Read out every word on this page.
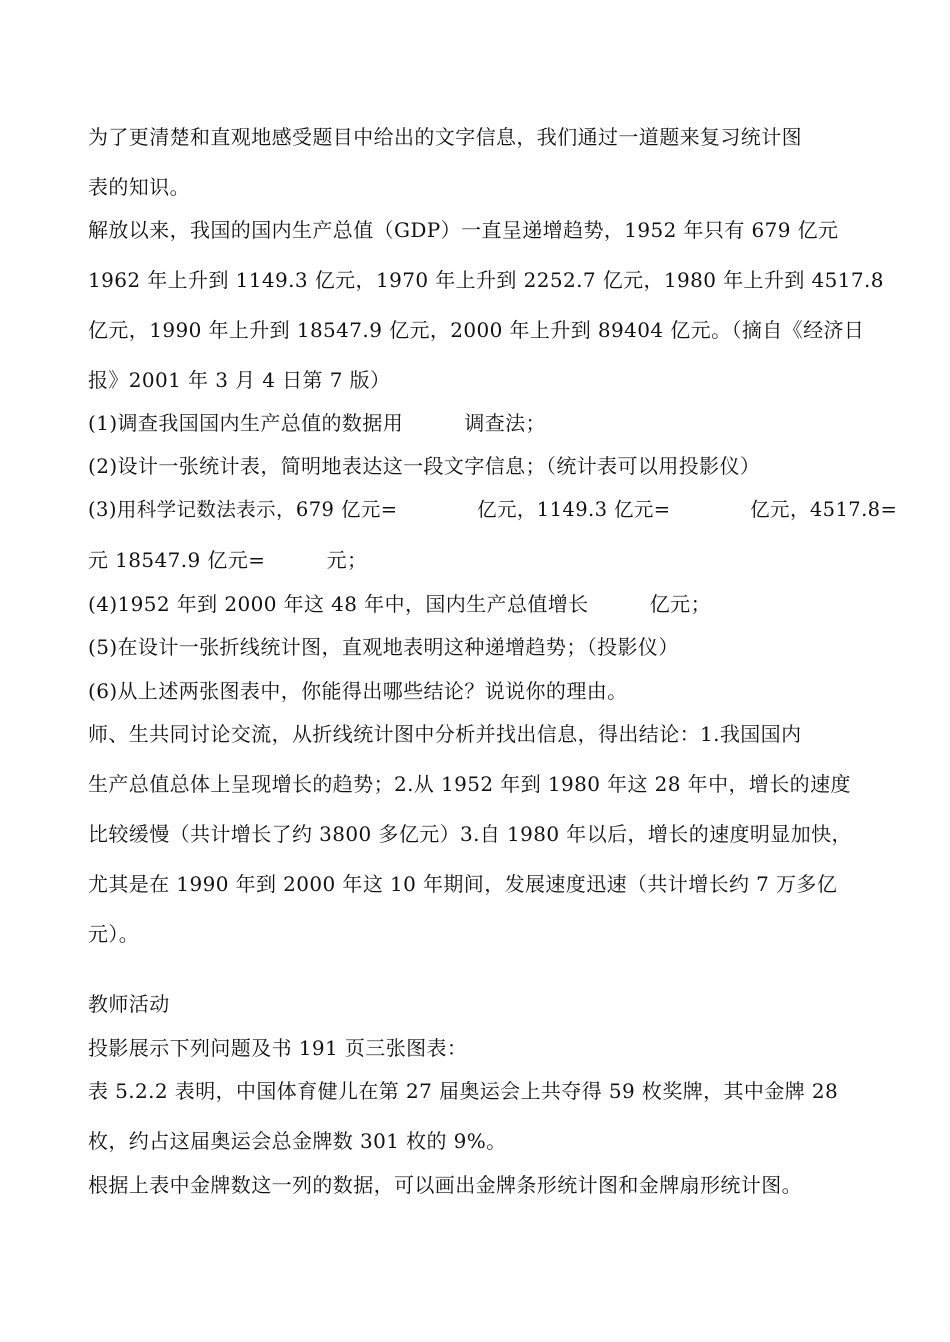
为了更清楚和直观地感受题目中给出的文字信息，我们通过一道题来复习统计图
表的知识。
解放以来，我国的国内生产总值（GDP）一直呈递增趋势，1952 年只有 679 亿元
1962 年上升到 1149.3 亿元，1970 年上升到 2252.7 亿元，1980 年上升到 4517.8
亿元，1990 年上升到 18547.9 亿元，2000 年上升到 89404 亿元。（摘自《经济日
报》2001 年 3 月 4 日第 7 版）
(1)调查我国国内生产总值的数据用　　　调查法；
(2)设计一张统计表，简明地表达这一段文字信息；（统计表可以用投影仪）
(3)用科学记数法表示，679 亿元=　　　　亿元，1149.3 亿元=　　　　亿元，4517.8=
元 18547.9 亿元=　　　元；
(4)1952 年到 2000 年这 48 年中，国内生产总值增长　　　亿元；
(5)在设计一张折线统计图，直观地表明这种递增趋势；（投影仪）
(6)从上述两张图表中，你能得出哪些结论？说说你的理由。
师、生共同讨论交流，从折线统计图中分析并找出信息，得出结论：1.我国国内
生产总值总体上呈现增长的趋势；2.从 1952 年到 1980 年这 28 年中，增长的速度
比较缓慢（共计增长了约 3800 多亿元）3.自 1980 年以后，增长的速度明显加快，
尤其是在 1990 年到 2000 年这 10 年期间，发展速度迅速（共计增长约 7 万多亿
元）。
教师活动
投影展示下列问题及书 191 页三张图表：
表 5.2.2 表明，中国体育健儿在第 27 届奥运会上共夺得 59 枚奖牌，其中金牌 28
枚，约占这届奥运会总金牌数 301 枚的 9%。
根据上表中金牌数这一列的数据，可以画出金牌条形统计图和金牌扇形统计图。
